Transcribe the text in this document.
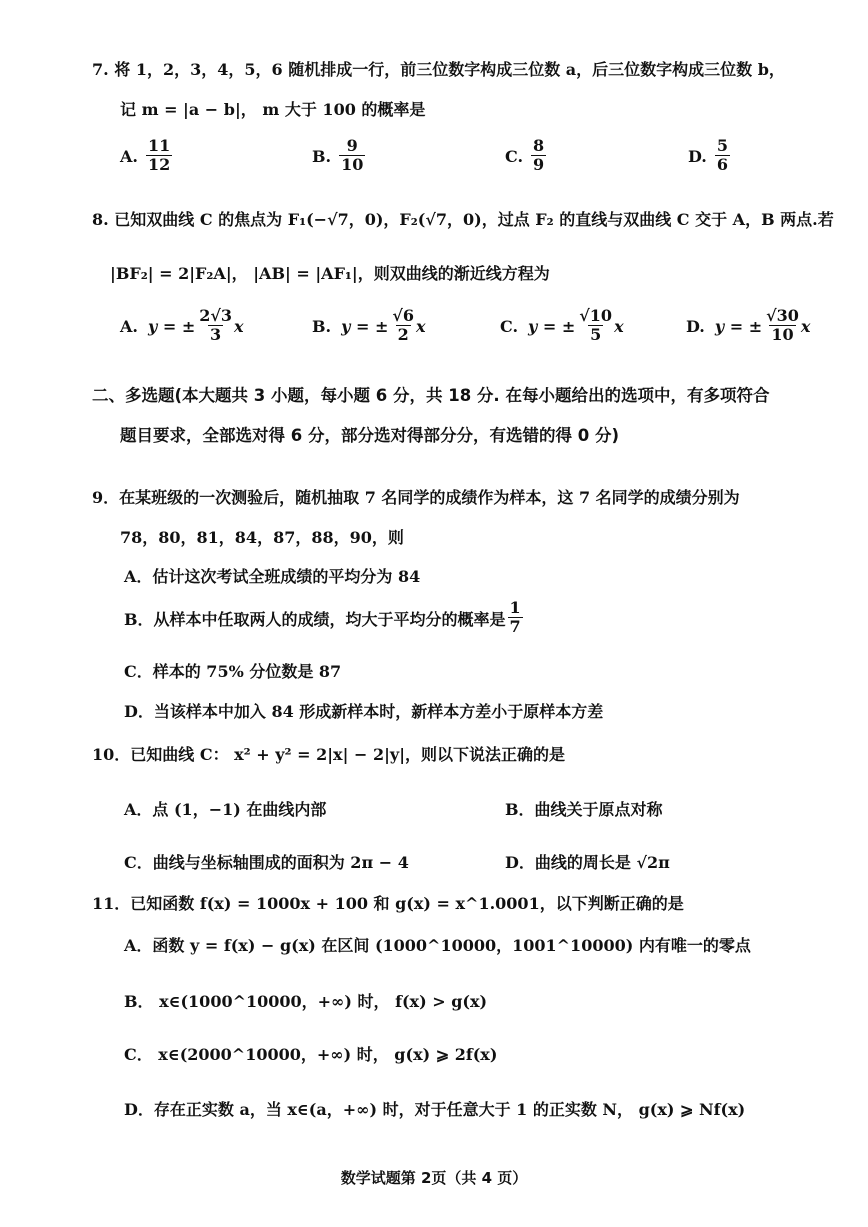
7. 将 1，2，3，4，5，6 随机排成一行，前三位数字构成三位数 a，后三位数字构成三位数 b，
记 m = |a − b|， m 大于 100 的概率是
A. $\frac{11}{12}$	B. $\frac{9}{10}$	C. $\frac{8}{9}$	D. $\frac{5}{6}$
8. 已知双曲线 C 的焦点为 F₁(−√7，0)，F₂(√7，0)，过点 F₂ 的直线与双曲线 C 交于 A，B 两点.若
|BF₂| = 2|F₂A|， |AB| = |AF₁|，则双曲线的渐近线方程为
A. y = ± $\frac{2√3}{3}$ x	B. y = ± $\frac{√6}{2}$ x	C. y = ± $\frac{√10}{5}$ x	D. y = ± $\frac{√30}{10}$ x
二、多选题(本大题共 3 小题，每小题 6 分，共 18 分. 在每小题给出的选项中，有多项符合
题目要求，全部选对得 6 分，部分选对得部分分，有选错的得 0 分)
9．在某班级的一次测验后，随机抽取 7 名同学的成绩作为样本，这 7 名同学的成绩分别为
78，80，81，84，87，88，90，则
A．估计这次考试全班成绩的平均分为 84
B．从样本中任取两人的成绩，均大于平均分的概率是 $\frac{1}{7}$
C．样本的 75% 分位数是 87
D．当该样本中加入 84 形成新样本时，新样本方差小于原样本方差
10．已知曲线 C： x² + y² = 2|x| − 2|y|，则以下说法正确的是
A．点 (1，−1) 在曲线内部	B．曲线关于原点对称
C．曲线与坐标轴围成的面积为 2π − 4	D．曲线的周长是 √2π
11．已知函数 f(x) = 1000x + 100 和 g(x) = x^1.0001，以下判断正确的是
A．函数 y = f(x) − g(x) 在区间 (1000^10000，1001^10000) 内有唯一的零点
B． x∈(1000^10000，+∞) 时， f(x) > g(x)
C． x∈(2000^10000，+∞) 时， g(x) ⩾ 2f(x)
D．存在正实数 a，当 x∈(a，+∞) 时，对于任意大于 1 的正实数 N， g(x) ⩾ Nf(x)
数学试题第 2页（共 4 页）
